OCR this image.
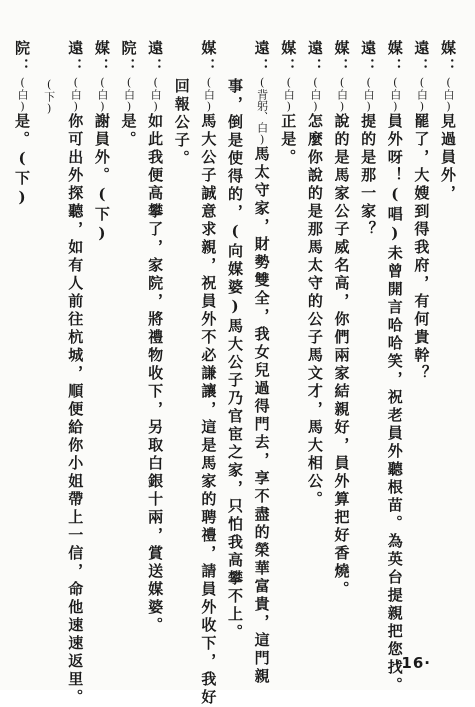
媒：(白)見過員外，
遠：(白)罷了，大嫂到得我府，有何貴幹？
媒：(白)員外呀！(唱)未曾開言哈哈笑，祝老員外聽根苗。為英台提親把您找。
遠：(白)提的是那一家？
媒：(白)說的是馬家公子威名高，你們兩家結親好，員外算把好香燒。
遠：(白)怎麼你說的是那馬太守的公子馬文才，馬大相公。
媒：(白)正是。
遠：(背躬、白)馬太守家，財勢雙全，我女兒過得門去，享不盡的榮華富貴，這門親
事，倒是使得的，(向媒婆)馬大公子乃官宦之家，只怕我高攀不上。
媒：(白)馬大公子誠意求親，祝員外不必謙讓，這是馬家的聘禮，請員外收下，我好
回報公子。
遠：(白)如此我便高攀了，家院，將禮物收下，另取白銀十兩，賞送媒婆。
院：(白)是。
媒：(白)謝員外。(下)
遠：(白)你可出外探聽，如有人前往杭城，順便給你小姐帶上一信，命他速速返里。
(下)
院：(白)是。(下)
·16·
